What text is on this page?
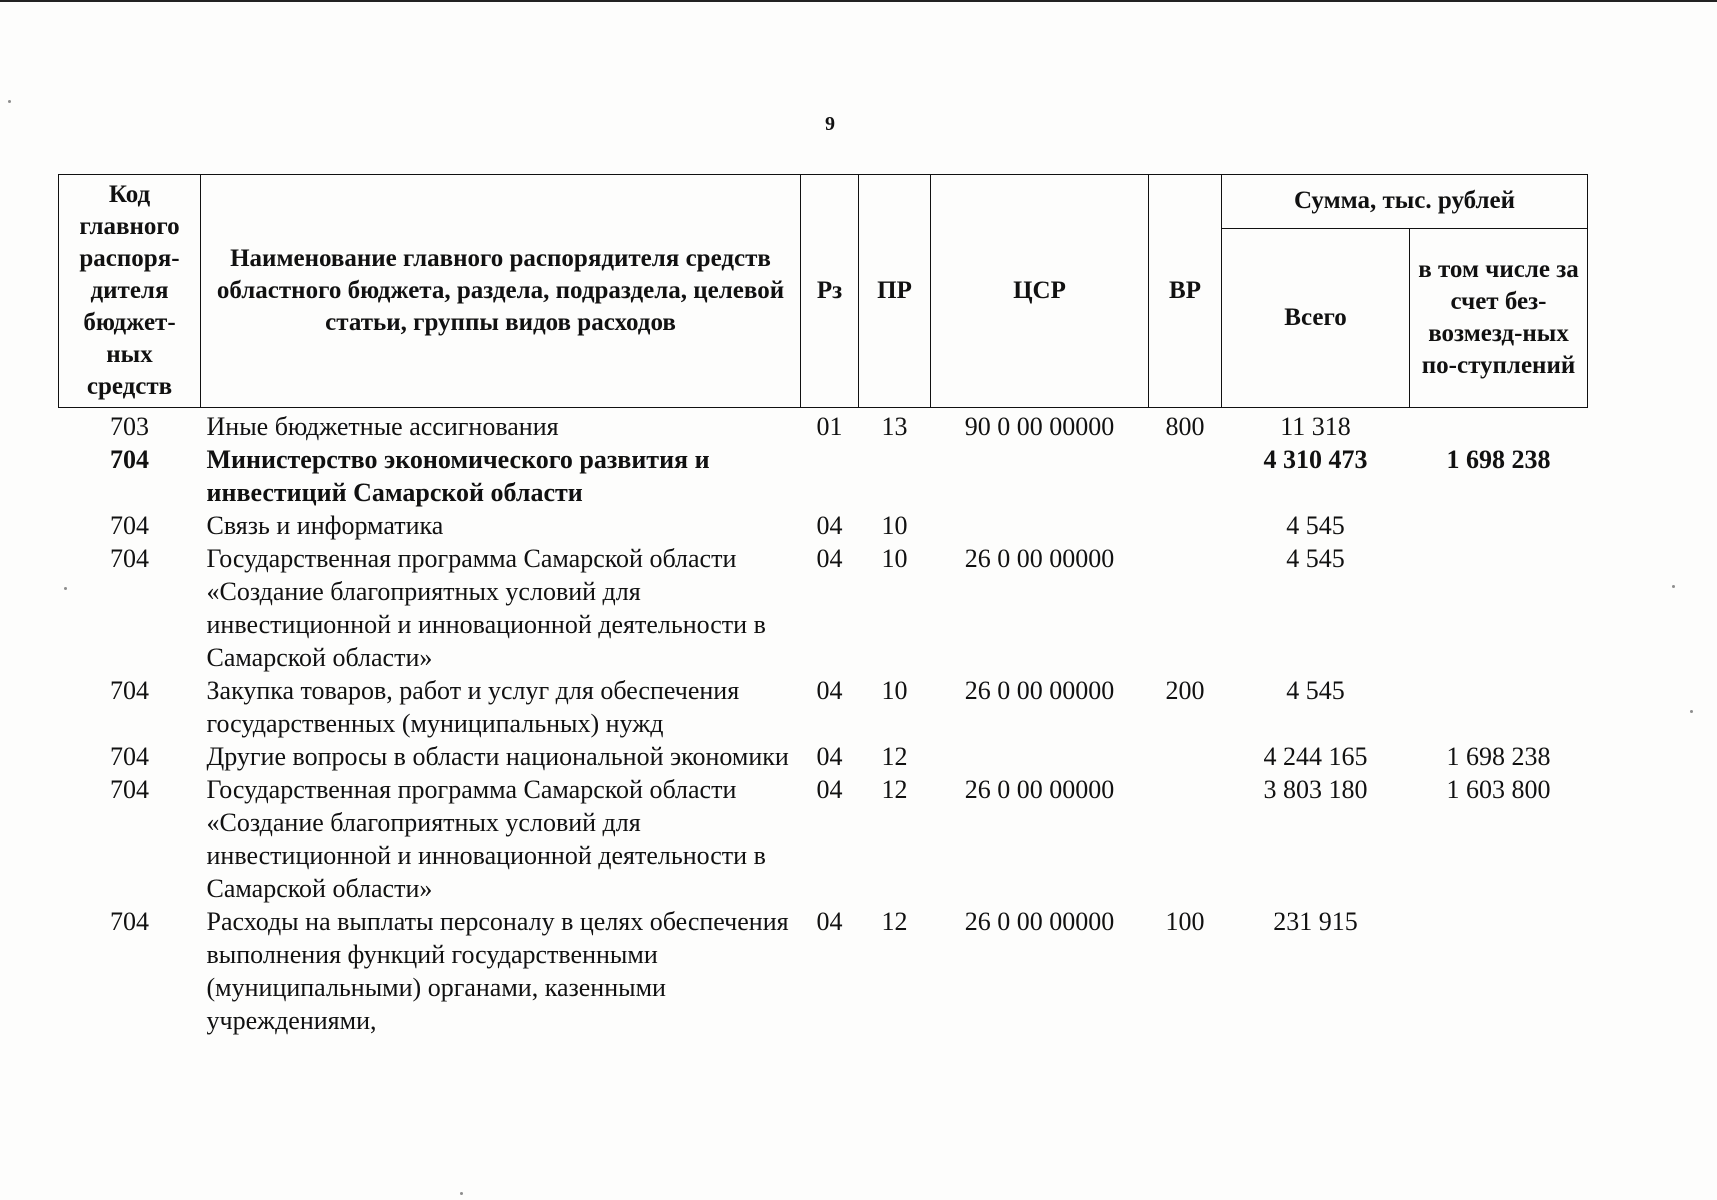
9
Код главного распоря-дителя бюджет-ных средств	Наименование главного распорядителя средств областного бюджета, раздела, подраздела, целевой статьи, группы видов расходов	Рз	ПР	ЦСР	ВР	Сумма, тыс. рублей	
						Всего	в том числе за счет без-возмезд-ных по-ступлений
703	Иные бюджетные ассигнования	01	13	90 0 00 00000	800	11 318	
704	Министерство экономического развития и инвестиций Самарской области					4 310 473	1 698 238
704	Связь и информатика	04	10			4 545	
704	Государственная программа Самарской области «Создание благоприятных условий для инвестиционной и инновационной деятельности в Самарской области»	04	10	26 0 00 00000		4 545	
704	Закупка товаров, работ и услуг для обеспечения государственных (муниципальных) нужд	04	10	26 0 00 00000	200	4 545	
704	Другие вопросы в области национальной экономики	04	12			4 244 165	1 698 238
704	Государственная программа Самарской области «Создание благоприятных условий для инвестиционной и инновационной деятельности в Самарской области»	04	12	26 0 00 00000		3 803 180	1 603 800
704	Расходы на выплаты персоналу в целях обеспечения выполнения функций государственными (муниципальными) органами, казенными учреждениями,	04	12	26 0 00 00000	100	231 915	
